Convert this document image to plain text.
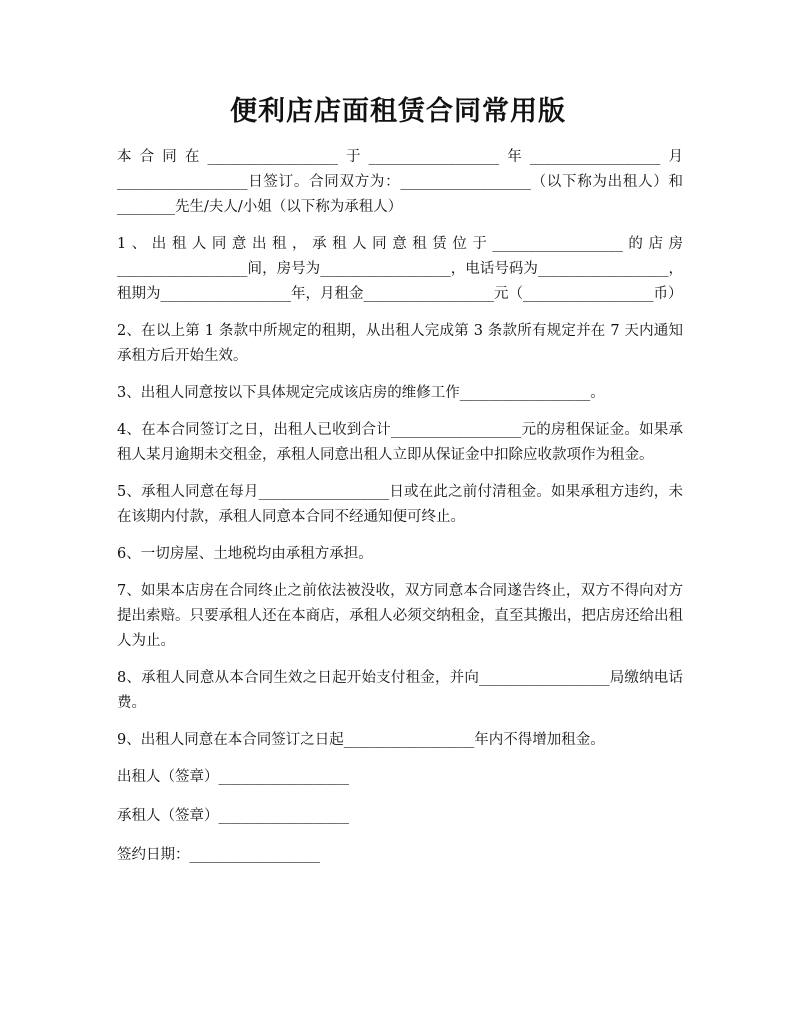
便利店店面租赁合同常用版

本合同在__________________于__________________年__________________月__________________日签订。合同双方为：__________________（以下称为出租人）和________先生/夫人/小姐（以下称为承租人）

1、出租人同意出租，承租人同意租赁位于__________________的店房__________________间，房号为__________________，电话号码为__________________，租期为__________________年，月租金__________________元（__________________币）

2、在以上第 1 条款中所规定的租期，从出租人完成第 3 条款所有规定并在 7 天内通知承租方后开始生效。

3、出租人同意按以下具体规定完成该店房的维修工作__________________。

4、在本合同签订之日，出租人已收到合计__________________元的房租保证金。如果承租人某月逾期未交租金，承租人同意出租人立即从保证金中扣除应收款项作为租金。

5、承租人同意在每月__________________日或在此之前付清租金。如果承租方违约，未在该期内付款，承租人同意本合同不经通知便可终止。

6、一切房屋、土地税均由承租方承担。

7、如果本店房在合同终止之前依法被没收，双方同意本合同遂告终止，双方不得向对方提出索赔。只要承租人还在本商店，承租人必须交纳租金，直至其搬出，把店房还给出租人为止。

8、承租人同意从本合同生效之日起开始支付租金，并向__________________局缴纳电话费。

9、出租人同意在本合同签订之日起__________________年内不得增加租金。

出租人（签章）__________________

承租人（签章）__________________

签约日期：__________________
